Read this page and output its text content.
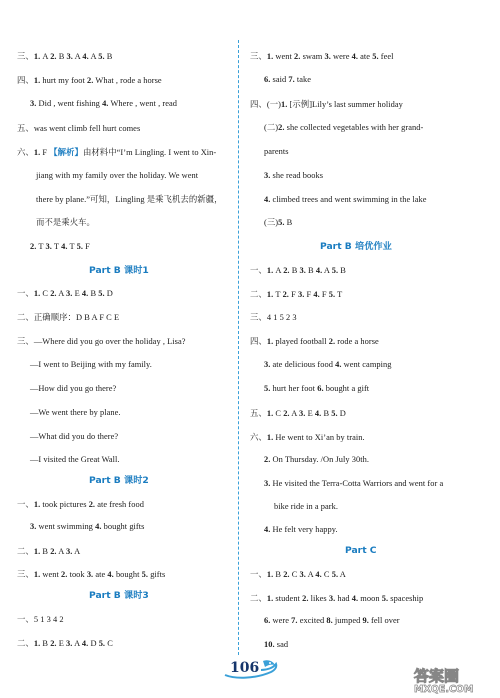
三、1. A 2. B 3. A 4. A 5. B
四、1. hurt my foot 2. What , rode a horse
3. Did , went fishing 4. Where , went , read
五、was went climb fell hurt comes
六、1. F 【解析】由材料中“I’m Lingling. I went to Xin-
jiang with my family over the holiday. We went
there by plane.”可知，Lingling 是乘飞机去的新疆，
而不是乘火车。
2. T 3. T 4. T 5. F
Part B 课时1
一、1. C 2. A 3. E 4. B 5. D
二、正确顺序：D B A F C E
三、—Where did you go over the holiday , Lisa?
—I went to Beijing with my family.
—How did you go there?
—We went there by plane.
—What did you do there?
—I visited the Great Wall.
Part B 课时2
一、1. took pictures 2. ate fresh food
3. went swimming 4. bought gifts
二、1. B 2. A 3. A
三、1. went 2. took 3. ate 4. bought 5. gifts
Part B 课时3
一、5 1 3 4 2
二、1. B 2. E 3. A 4. D 5. C
三、1. went 2. swam 3. were 4. ate 5. feel
6. said 7. take
四、(一)1. [示例]Lily’s last summer holiday
(二)2. she collected vegetables with her grand-
parents
3. she read books
4. climbed trees and went swimming in the lake
(三)5. B
Part B 培优作业
一、1. A 2. B 3. B 4. A 5. B
二、1. T 2. F 3. F 4. F 5. T
三、4 1 5 2 3
四、1. played football 2. rode a horse
3. ate delicious food 4. went camping
5. hurt her foot 6. bought a gift
五、1. C 2. A 3. E 4. B 5. D
六、1. He went to Xi’an by train.
2. On Thursday. /On July 30th.
3. He visited the Terra-Cotta Warriors and went for a
bike ride in a park.
4. He felt very happy.
Part C
一、1. B 2. C 3. A 4. C 5. A
二、1. student 2. likes 3. had 4. moon 5. spaceship
6. were 7. excited 8. jumped 9. fell over
10. sad
106	答案圈
MXQE.COM
